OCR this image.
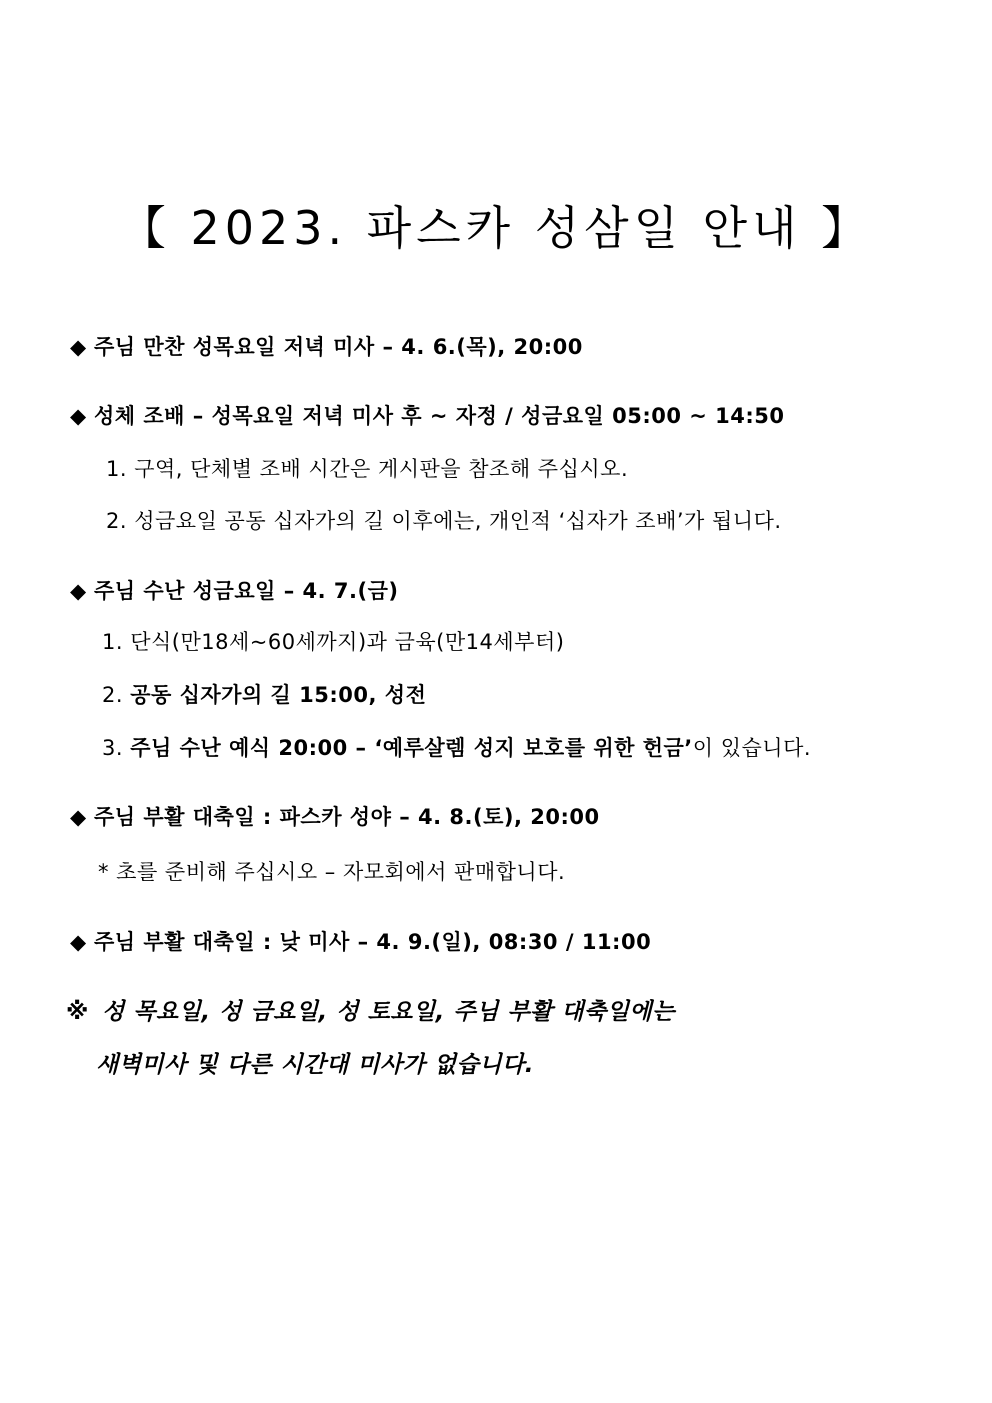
【 2023. 파스카 성삼일 안내 】
◆ 주님 만찬 성목요일 저녁 미사 – 4. 6.(목), 20:00
◆ 성체 조배 – 성목요일 저녁 미사 후 ~ 자정 / 성금요일 05:00 ~ 14:50
1. 구역, 단체별 조배 시간은 게시판을 참조해 주십시오.
2. 성금요일 공동 십자가의 길 이후에는, 개인적 ‘십자가 조배’가 됩니다.
◆ 주님 수난 성금요일 – 4. 7.(금)
1. 단식(만18세~60세까지)과 금육(만14세부터)
2. 공동 십자가의 길 15:00, 성전
3. 주님 수난 예식 20:00 – ‘예루살렘 성지 보호를 위한 헌금’이 있습니다.
◆ 주님 부활 대축일 : 파스카 성야 – 4. 8.(토), 20:00
* 초를 준비해 주십시오 – 자모회에서 판매합니다.
◆ 주님 부활 대축일 : 낮 미사 – 4. 9.(일), 08:30 / 11:00
※ 성 목요일, 성 금요일, 성 토요일, 주님 부활 대축일에는
새벽미사 및 다른 시간대 미사가 없습니다.
